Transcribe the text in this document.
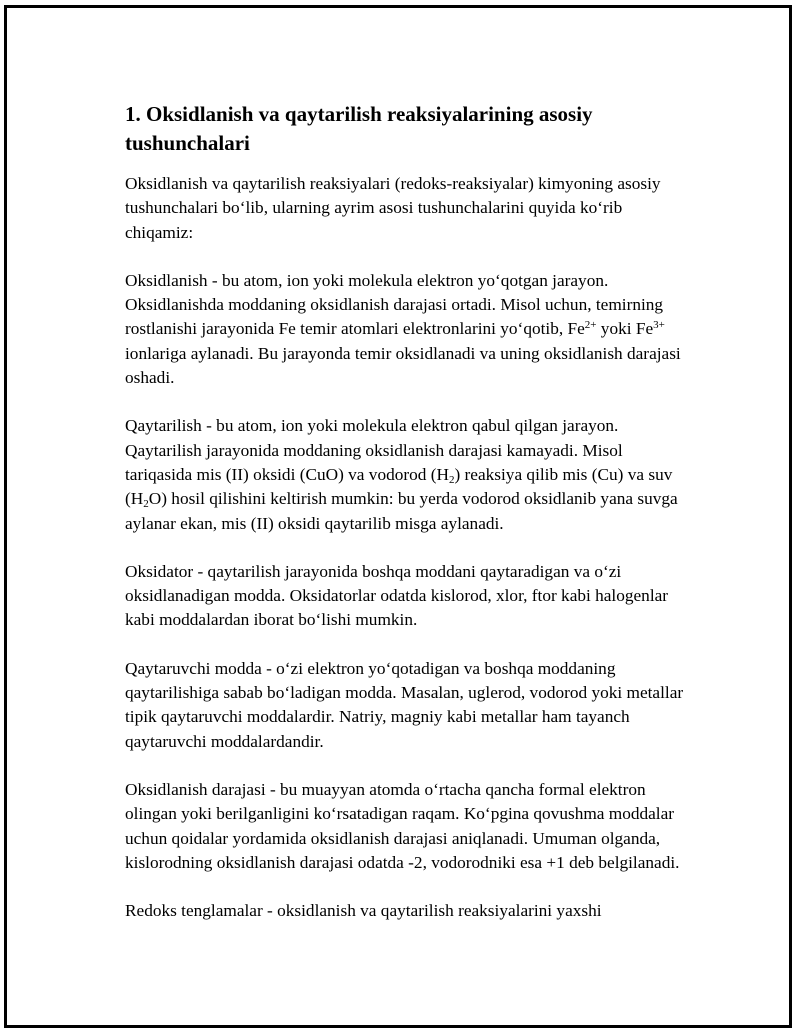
1. Oksidlanish va qaytarilish reaksiyalarining asosiy tushunchalari

Oksidlanish va qaytarilish reaksiyalari (redoks-reaksiyalar) kimyoning asosiy tushunchalari bo‘lib, ularning ayrim asosi tushunchalarini quyida ko‘rib chiqamiz:

Oksidlanish - bu atom, ion yoki molekula elektron yo‘qotgan jarayon. Oksidlanishda moddaning oksidlanish darajasi ortadi. Misol uchun, temirning rostlanishi jarayonida Fe temir atomlari elektronlarini yo‘qotib, $Fe^{2+}$ yoki $Fe^{3+}$ ionlariga aylanadi. Bu jarayonda temir oksidlanadi va uning oksidlanish darajasi oshadi.

Qaytarilish - bu atom, ion yoki molekula elektron qabul qilgan jarayon. Qaytarilish jarayonida moddaning oksidlanish darajasi kamayadi. Misol tariqasida mis (II) oksidi (CuO) va vodorod $(H_2)$ reaksiya qilib mis (Cu) va suv $(H_2O)$ hosil qilishini keltirish mumkin: bu yerda vodorod oksidlanib yana suvga aylanar ekan, mis (II) oksidi qaytarilib misga aylanadi.

Oksidator - qaytarilish jarayonida boshqa moddani qaytaradigan va o‘zi oksidlanadigan modda. Oksidatorlar odatda kislorod, xlor, ftor kabi halogenlar kabi moddalardan iborat bo‘lishi mumkin.

Qaytaruvchi modda - o‘zi elektron yo‘qotadigan va boshqa moddaning qaytarilishiga sabab bo‘ladigan modda. Masalan, uglerod, vodorod yoki metallar tipik qaytaruvchi moddalardir. Natriy, magniy kabi metallar ham tayanch qaytaruvchi moddalardandir.

Oksidlanish darajasi - bu muayyan atomda o‘rtacha qancha formal elektron olingan yoki berilganligini ko‘rsatadigan raqam. Ko‘pgina qovushma moddalar uchun qoidalar yordamida oksidlanish darajasi aniqlanadi. Umuman olganda, kislorodning oksidlanish darajasi odatda -2, vodorodniki esa +1 deb belgilanadi.

Redoks tenglamalar - oksidlanish va qaytarilish reaksiyalarini yaxshi
